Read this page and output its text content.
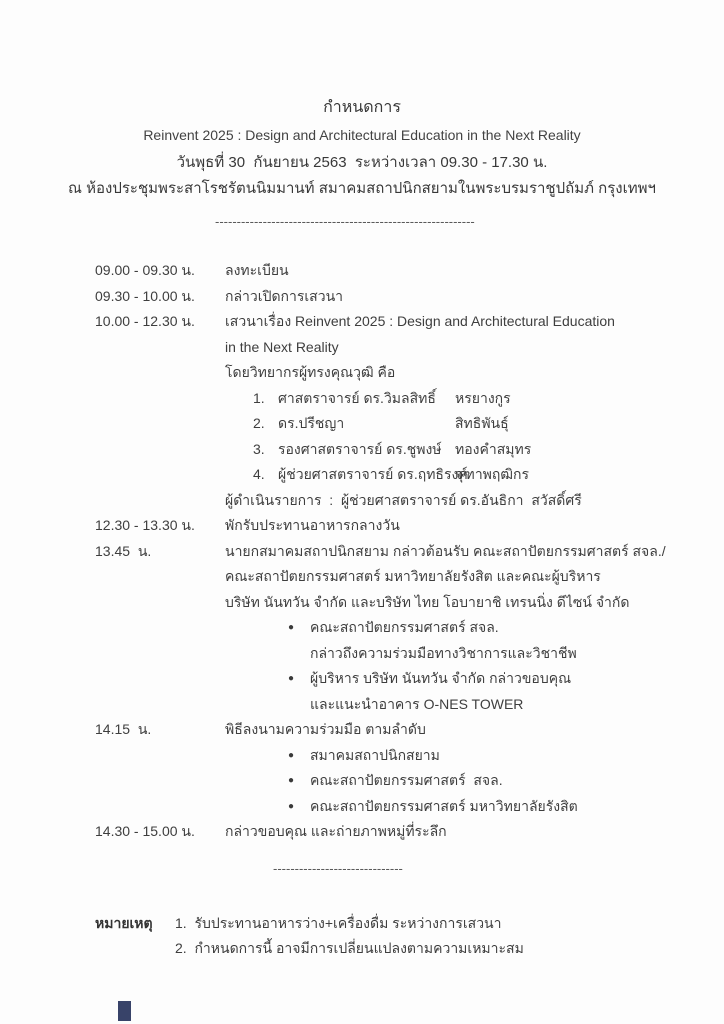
กำหนดการ
Reinvent 2025 : Design and Architectural Education in the Next Reality
วันพุธที่ 30  กันยายน 2563  ระหว่างเวลา 09.30 - 17.30 น.
ณ ห้องประชุมพระสาโรชรัตนนิมมานท์ สมาคมสถาปนิกสยามในพระบรมราชูปถัมภ์ กรุงเทพฯ
------------------------------------------------------------
09.00 - 09.30 น.	ลงทะเบียน
09.30 - 10.00 น.	กล่าวเปิดการเสวนา
10.00 - 12.30 น.	เสวนาเรื่อง Reinvent 2025 : Design and Architectural Education
in the Next Reality
โดยวิทยากรผู้ทรงคุณวุฒิ คือ
1. ศาสตราจารย์ ดร.วิมลสิทธิ์	หรยางกูร
2. ดร.ปรีชญา	สิทธิพันธุ์
3. รองศาสตราจารย์ ดร.ชูพงษ์ ทองคำสมุทร
4. ผู้ช่วยศาสตราจารย์ ดร.ฤทธิรงค์
จุฑาพฤฒิกร
ผู้ดำเนินรายการ  :  ผู้ช่วยศาสตราจารย์ ดร.อันธิกา  สวัสดิ์ศรี
12.30 - 13.30 น.	พักรับประทานอาหารกลางวัน
13.45  น.	นายกสมาคมสถาปนิกสยาม กล่าวต้อนรับ คณะสถาปัตยกรรมศาสตร์ สจล./
คณะสถาปัตยกรรมศาสตร์ มหาวิทยาลัยรังสิต และคณะผู้บริหาร
บริษัท นันทวัน จำกัด และบริษัท ไทย โอบายาชิ เทรนนิ่ง ดีไซน์ จำกัด
●	คณะสถาปัตยกรรมศาสตร์ สจล.
กล่าวถึงความร่วมมือทางวิชาการและวิชาชีพ
●	ผู้บริหาร บริษัท นันทวัน จำกัด กล่าวขอบคุณ
และแนะนำอาคาร O-NES TOWER
14.15  น.	พิธีลงนามความร่วมมือ ตามลำดับ
●	สมาคมสถาปนิกสยาม
●	คณะสถาปัตยกรรมศาสตร์  สจล.
●	คณะสถาปัตยกรรมศาสตร์ มหาวิทยาลัยรังสิต
14.30 - 15.00 น.	กล่าวขอบคุณ และถ่ายภาพหมู่ที่ระลึก
------------------------------
หมายเหตุ	1.  รับประทานอาหารว่าง+เครื่องดื่ม ระหว่างการเสวนา
2.  กำหนดการนี้ อาจมีการเปลี่ยนแปลงตามความเหมาะสม
